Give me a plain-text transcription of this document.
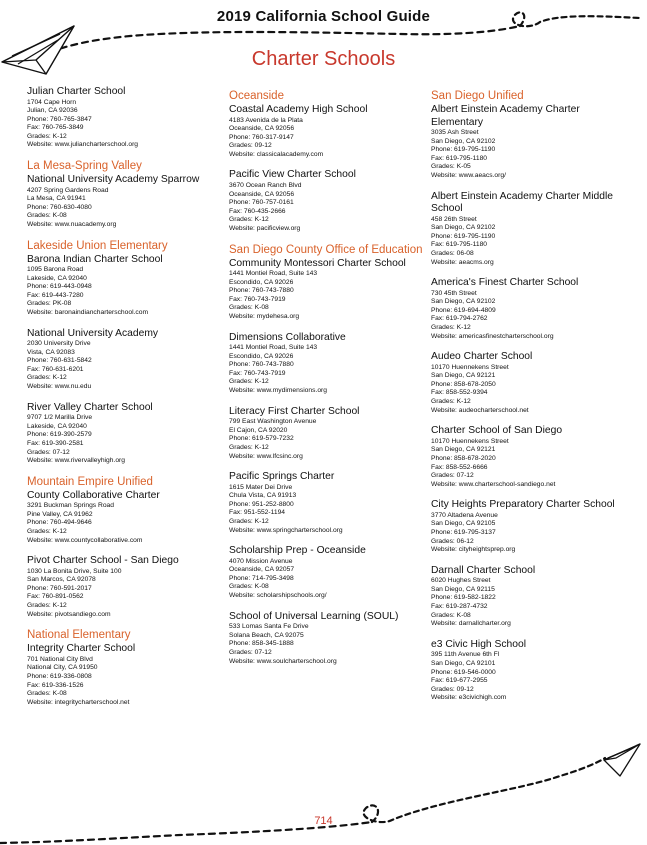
2019 California School Guide
Charter Schools
Julian Charter School
1704 Cape Horn
Julian, CA 92036
Phone: 760-765-3847
Fax: 760-765-3849
Grades: K-12
Website: www.juliancharterschool.org
La Mesa-Spring Valley
National University Academy Sparrow
4207 Spring Gardens Road
La Mesa, CA 91941
Phone: 760-630-4080
Grades: K-08
Website: www.nuacademy.org
Lakeside Union Elementary
Barona Indian Charter School
1095 Barona Road
Lakeside, CA 92040
Phone: 619-443-0948
Fax: 619-443-7280
Grades: PK-08
Website: baronaindiancharterschool.com
National University Academy
2030 University Drive
Vista, CA 92083
Phone: 760-631-5842
Fax: 760-631-6201
Grades: K-12
Website: www.nu.edu
River Valley Charter School
9707 1/2 Marilla Drive
Lakeside, CA 92040
Phone: 619-390-2579
Fax: 619-390-2581
Grades: 07-12
Website: www.rivervalleyhigh.org
Mountain Empire Unified
County Collaborative Charter
3291 Buckman Springs Road
Pine Valley, CA 91962
Phone: 760-494-9646
Grades: K-12
Website: www.countycollaborative.com
Pivot Charter School - San Diego
1030 La Bonita Drive, Suite 100
San Marcos, CA 92078
Phone: 760-591-2017
Fax: 760-891-0562
Grades: K-12
Website: pivotsandiego.com
National Elementary
Integrity Charter School
701 National City Blvd
National City, CA 91950
Phone: 619-336-0808
Fax: 619-336-1526
Grades: K-08
Website: integritycharterschool.net
Oceanside
Coastal Academy High School
4183 Avenida de la Plata
Oceanside, CA 92056
Phone: 760-317-9147
Grades: 09-12
Website: classicalacademy.com
Pacific View Charter School
3670 Ocean Ranch Blvd
Oceanside, CA 92056
Phone: 760-757-0161
Fax: 760-435-2666
Grades: K-12
Website: pacificview.org
San Diego County Office of Education
Community Montessori Charter School
1441 Montiel Road, Suite 143
Escondido, CA 92026
Phone: 760-743-7880
Fax: 760-743-7919
Grades: K-08
Website: mydehesa.org
Dimensions Collaborative
1441 Montiel Road, Suite 143
Escondido, CA 92026
Phone: 760-743-7880
Fax: 760-743-7919
Grades: K-12
Website: www.mydimensions.org
Literacy First Charter School
799 East Washington Avenue
El Cajon, CA 92020
Phone: 619-579-7232
Grades: K-12
Website: www.lfcsinc.org
Pacific Springs Charter
1615 Mater Dei Drive
Chula Vista, CA 91913
Phone: 951-252-8800
Fax: 951-552-1194
Grades: K-12
Website: www.springcharterschool.org
Scholarship Prep - Oceanside
4070 Mission Avenue
Oceanside, CA 92057
Phone: 714-795-3498
Grades: K-08
Website: scholarshipschools.org/
School of Universal Learning (SOUL)
533 Lomas Santa Fe Drive
Solana Beach, CA 92075
Phone: 858-345-1888
Grades: 07-12
Website: www.soulcharterschool.org
San Diego Unified
Albert Einstein Academy Charter Elementary
3035 Ash Street
San Diego, CA 92102
Phone: 619-795-1190
Fax: 619-795-1180
Grades: K-05
Website: www.aeacs.org/
Albert Einstein Academy Charter Middle School
458 26th Street
San Diego, CA 92102
Phone: 619-795-1190
Fax: 619-795-1180
Grades: 06-08
Website: aeacms.org
America's Finest Charter School
730 45th Street
San Diego, CA 92102
Phone: 619-694-4809
Fax: 619-794-2762
Grades: K-12
Website: americasfinestcharterschool.org
Audeo Charter School
10170 Huennekens Street
San Diego, CA 92121
Phone: 858-678-2050
Fax: 858-552-9394
Grades: K-12
Website: audeocharterschool.net
Charter School of San Diego
10170 Huennekens Street
San Diego, CA 92121
Phone: 858-678-2020
Fax: 858-552-6666
Grades: 07-12
Website: www.charterschool-sandiego.net
City Heights Preparatory Charter School
3770 Altadena Avenue
San Diego, CA 92105
Phone: 619-795-3137
Grades: 06-12
Website: cityheightsprep.org
Darnall Charter School
6020 Hughes Street
San Diego, CA 92115
Phone: 619-582-1822
Fax: 619-287-4732
Grades: K-08
Website: darnallcharter.org
e3 Civic High School
395 11th Avenue 6th Fl
San Diego, CA 92101
Phone: 619-546-0000
Fax: 619-677-2955
Grades: 09-12
Website: e3civichigh.com
714
